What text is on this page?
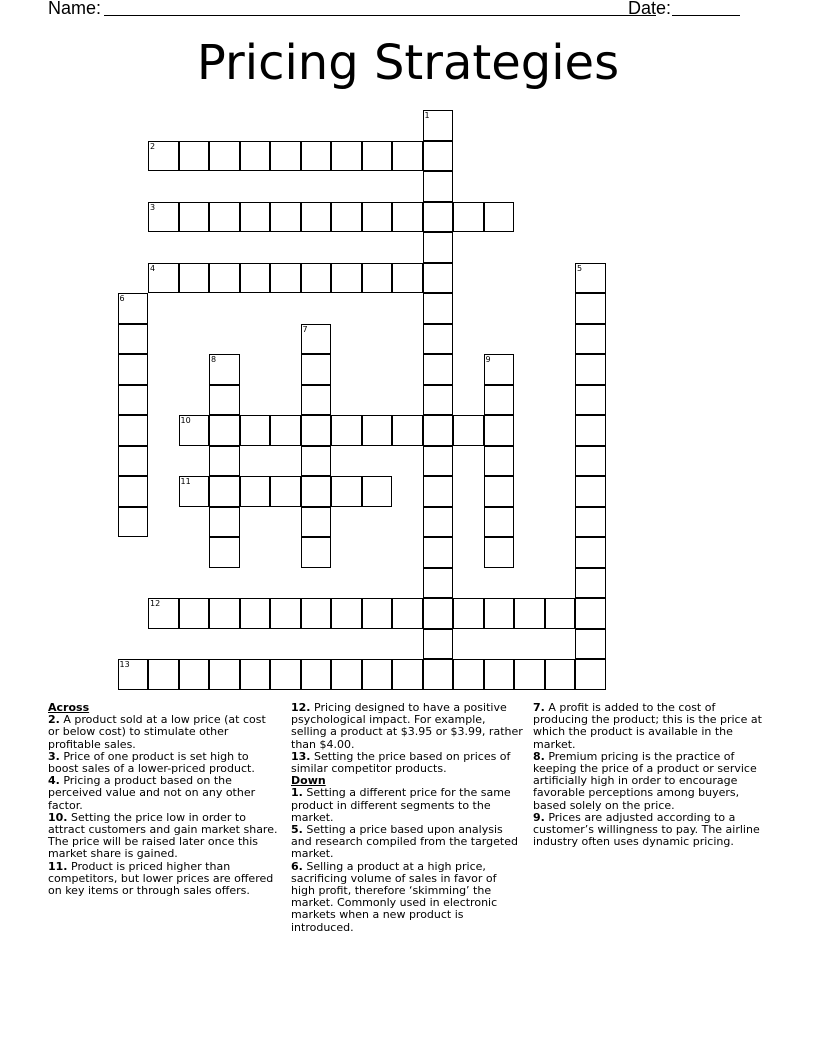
Name:	Date:
Pricing Strategies
1
2
3
4	5
6
7
8	9
10
11
12
13
Across
2. A product sold at a low price (at cost or below cost) to stimulate other profitable sales.
3. Price of one product is set high to boost sales of a lower-priced product.
4. Pricing a product based on the perceived value and not on any other factor.
10. Setting the price low in order to attract customers and gain market share. The price will be raised later once this market share is gained.
11. Product is priced higher than competitors, but lower prices are offered on key items or through sales offers.
12. Pricing designed to have a positive psychological impact. For example, selling a product at $3.95 or $3.99, rather than $4.00.
13. Setting the price based on prices of similar competitor products.
Down
1. Setting a different price for the same product in different segments to the market.
5. Setting a price based upon analysis and research compiled from the targeted market.
6. Selling a product at a high price, sacrificing volume of sales in favor of high profit, therefore ‘skimming’ the market. Commonly used in electronic markets when a new product is introduced.
7. A profit is added to the cost of producing the product; this is the price at which the product is available in the market.
8. Premium pricing is the practice of keeping the price of a product or service artificially high in order to encourage favorable perceptions among buyers, based solely on the price.
9. Prices are adjusted according to a customer’s willingness to pay. The airline industry often uses dynamic pricing.
